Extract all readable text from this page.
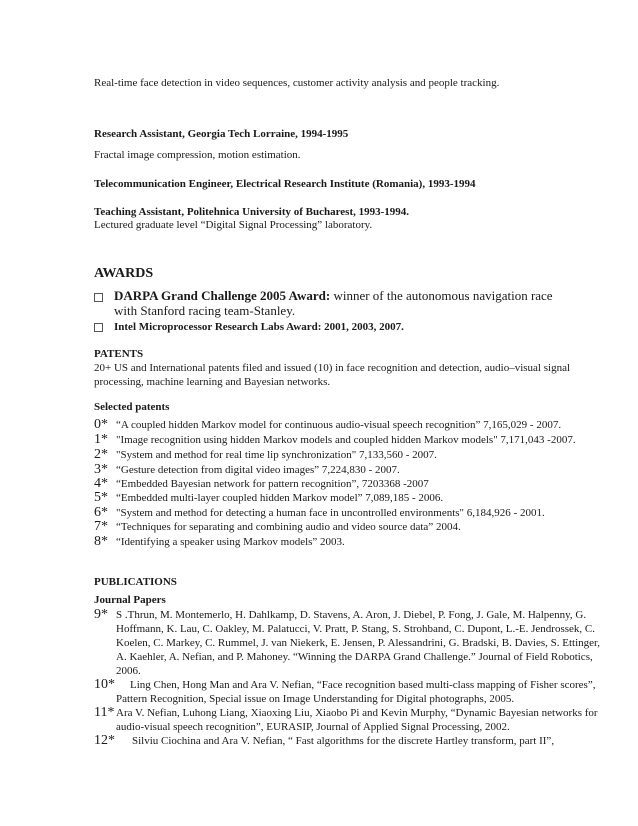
Real-time face detection in video sequences, customer activity analysis and people tracking.
Research Assistant, Georgia Tech Lorraine, 1994-1995
Fractal image compression, motion estimation.
Telecommunication Engineer, Electrical Research Institute (Romania), 1993-1994
Teaching Assistant, Politehnica University of Bucharest, 1993-1994.
Lectured graduate level “Digital Signal Processing” laboratory.
AWARDS
DARPA Grand Challenge 2005 Award: winner of the autonomous navigation race
with Stanford racing team-Stanley.
Intel Microprocessor Research Labs Award: 2001, 2003, 2007.
PATENTS
20+ US and International patents filed and issued (10) in face recognition and detection, audio–visual signal
processing, machine learning and Bayesian networks.
Selected patents
0* “A coupled hidden Markov model for continuous audio-visual speech recognition” 7,165,029 - 2007.
1* "Image recognition using hidden Markov models and coupled hidden Markov models" 7,171,043 -2007.
2* "System and method for real time lip synchronization" 7,133,560 - 2007.
3* “Gesture detection from digital video images” 7,224,830 - 2007.
4* “Embedded Bayesian network for pattern recognition”, 7203368 -2007
5* “Embedded multi-layer coupled hidden Markov model” 7,089,185 - 2006.
6* "System and method for detecting a human face in uncontrolled environments" 6,184,926 - 2001.
7* “Techniques for separating and combining audio and video source data” 2004.
8* “Identifying a speaker using Markov models” 2003.
PUBLICATIONS
Journal Papers
9* S .Thrun, M. Montemerlo, H. Dahlkamp, D. Stavens, A. Aron, J. Diebel, P. Fong, J. Gale, M. Halpenny, G.
Hoffmann, K. Lau, C. Oakley, M. Palatucci, V. Pratt, P. Stang, S. Strohband, C. Dupont, L.-E. Jendrossek, C.
Koelen, C. Markey, C. Rummel, J. van Niekerk, E. Jensen, P. Alessandrini, G. Bradski, B. Davies, S. Ettinger,
A. Kaehler, A. Nefian, and P. Mahoney. “Winning the DARPA Grand Challenge.” Journal of Field Robotics,
2006.
10* Ling Chen, Hong Man and Ara V. Nefian, “Face recognition based multi-class mapping of Fisher scores”,
Pattern Recognition, Special issue on Image Understanding for Digital photographs, 2005.
11* Ara V. Nefian, Luhong Liang, Xiaoxing Liu, Xiaobo Pi and Kevin Murphy, “Dynamic Bayesian networks for
audio-visual speech recognition”, EURASIP, Journal of Applied Signal Processing, 2002.
12* Silviu Ciochina and Ara V. Nefian, “ Fast algorithms for the discrete Hartley transform, part II”,
